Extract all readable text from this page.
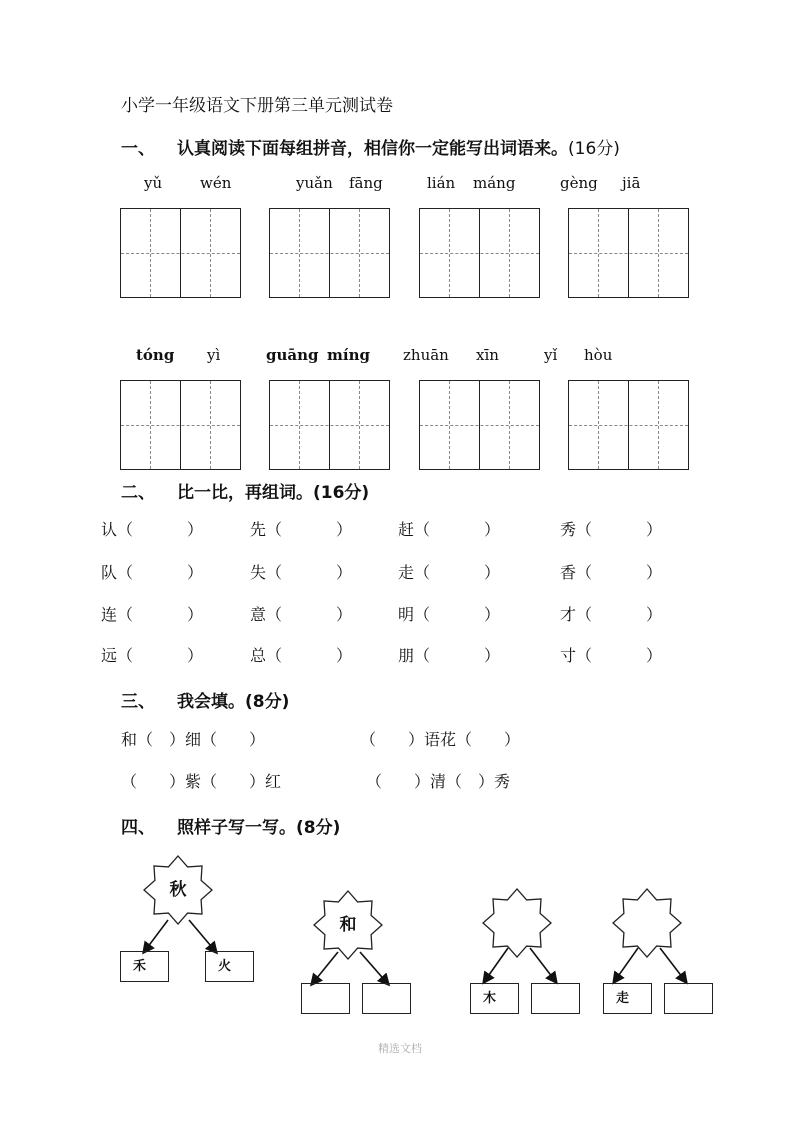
小学一年级语文下册第三单元测试卷
一、 认真阅读下面每组拼音，相信你一定能写出词语来。(16分)
yǔ	wén	yuǎn fāng	lián máng	gèng jiā
tóng yì	guāng míng zhuān xīn	yǐ hòu
二、 比一比，再组词。(16分)
认（	）	先（	）	赶（	）	秀（	）
队（	）	失（	）	走（	）	香（	）
连（	）	意（	）	明（	）	才（	）
远（	）	总（	）	朋（	）	寸（	）
三、 我会填。(8分)
和（　）细（　　）	（　　）语花（　　）
（　　）紫（　　）红	（　　）清（　）秀
四、 照样子写一写。(8分)
秋
禾	火
和
木	走
精选文档
